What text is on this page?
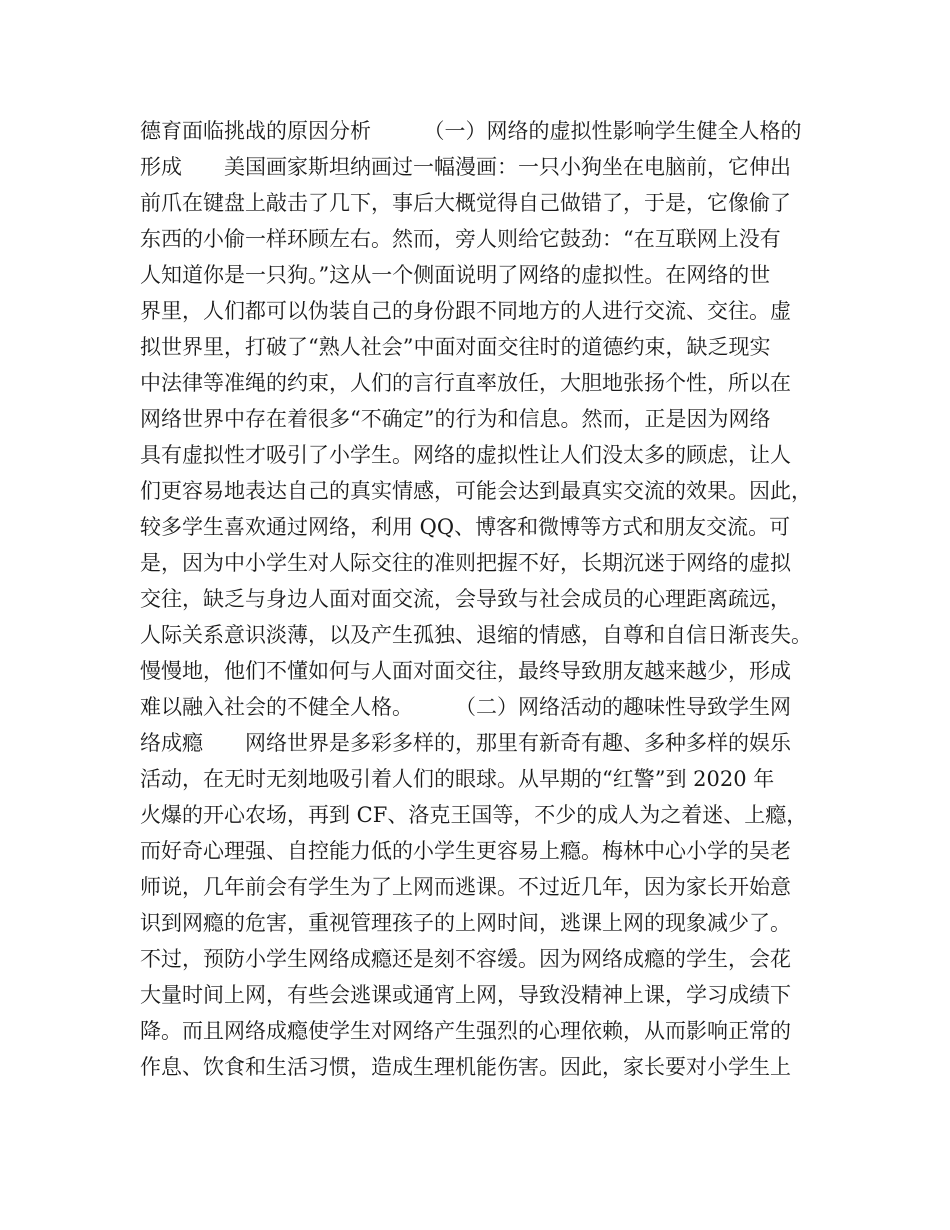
德育面临挑战的原因分析　　　（一）网络的虚拟性影响学生健全人格的
形成　　美国画家斯坦纳画过一幅漫画：一只小狗坐在电脑前，它伸出
前爪在键盘上敲击了几下，事后大概觉得自己做错了，于是，它像偷了
东西的小偷一样环顾左右。然而，旁人则给它鼓劲：“在互联网上没有
人知道你是一只狗。”这从一个侧面说明了网络的虚拟性。在网络的世
界里，人们都可以伪装自己的身份跟不同地方的人进行交流、交往。虚
拟世界里，打破了“熟人社会”中面对面交往时的道德约束，缺乏现实
中法律等准绳的约束，人们的言行直率放任，大胆地张扬个性，所以在
网络世界中存在着很多“不确定”的行为和信息。然而，正是因为网络
具有虚拟性才吸引了小学生。网络的虚拟性让人们没太多的顾虑，让人
们更容易地表达自己的真实情感，可能会达到最真实交流的效果。因此，
较多学生喜欢通过网络，利用 QQ、博客和微博等方式和朋友交流。可
是，因为中小学生对人际交往的准则把握不好，长期沉迷于网络的虚拟
交往，缺乏与身边人面对面交流，会导致与社会成员的心理距离疏远，
人际关系意识淡薄，以及产生孤独、退缩的情感，自尊和自信日渐丧失。
慢慢地，他们不懂如何与人面对面交往，最终导致朋友越来越少，形成
难以融入社会的不健全人格。　　　（二）网络活动的趣味性导致学生网
络成瘾　　网络世界是多彩多样的，那里有新奇有趣、多种多样的娱乐
活动，在无时无刻地吸引着人们的眼球。从早期的“红警”到 2020 年
火爆的开心农场，再到 CF、洛克王国等，不少的成人为之着迷、上瘾，
而好奇心理强、自控能力低的小学生更容易上瘾。梅林中心小学的吴老
师说，几年前会有学生为了上网而逃课。不过近几年，因为家长开始意
识到网瘾的危害，重视管理孩子的上网时间，逃课上网的现象减少了。
不过，预防小学生网络成瘾还是刻不容缓。因为网络成瘾的学生，会花
大量时间上网，有些会逃课或通宵上网，导致没精神上课，学习成绩下
降。而且网络成瘾使学生对网络产生强烈的心理依赖，从而影响正常的
作息、饮食和生活习惯，造成生理机能伤害。因此，家长要对小学生上
